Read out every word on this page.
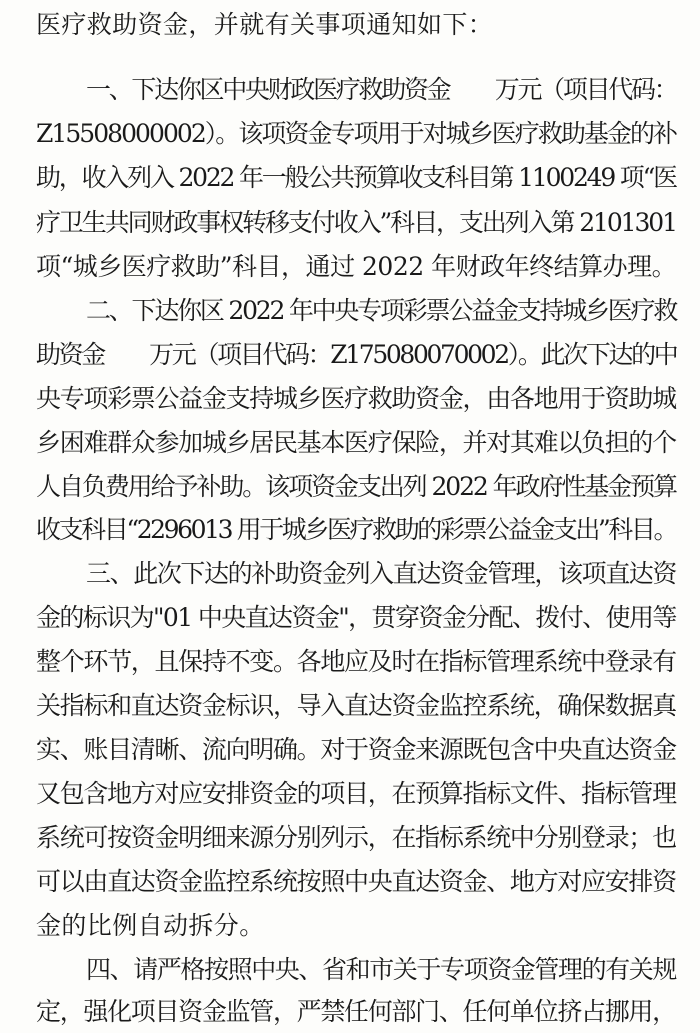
医疗救助资金，并就有关事项通知如下：
一、下达你区中央财政医疗救助资金　　万元（项目代码：
Z15508000002）。该项资金专项用于对城乡医疗救助基金的补
助，收入列入 2022 年一般公共预算收支科目第 1100249 项“医
疗卫生共同财政事权转移支付收入”科目，支出列入第 2101301
项“城乡医疗救助”科目，通过 2022 年财政年终结算办理。
二、下达你区 2022 年中央专项彩票公益金支持城乡医疗救
助资金　　万元（项目代码：Z175080070002）。此次下达的中
央专项彩票公益金支持城乡医疗救助资金，由各地用于资助城
乡困难群众参加城乡居民基本医疗保险，并对其难以负担的个
人自负费用给予补助。该项资金支出列 2022 年政府性基金预算
收支科目“2296013 用于城乡医疗救助的彩票公益金支出”科目。
三、此次下达的补助资金列入直达资金管理，该项直达资
金的标识为"01 中央直达资金"，贯穿资金分配、拨付、使用等
整个环节，且保持不变。各地应及时在指标管理系统中登录有
关指标和直达资金标识，导入直达资金监控系统，确保数据真
实、账目清晰、流向明确。对于资金来源既包含中央直达资金
又包含地方对应安排资金的项目，在预算指标文件、指标管理
系统可按资金明细来源分别列示，在指标系统中分别登录；也
可以由直达资金监控系统按照中央直达资金、地方对应安排资
金的比例自动拆分。
四、请严格按照中央、省和市关于专项资金管理的有关规
定，强化项目资金监管，严禁任何部门、任何单位挤占挪用，
